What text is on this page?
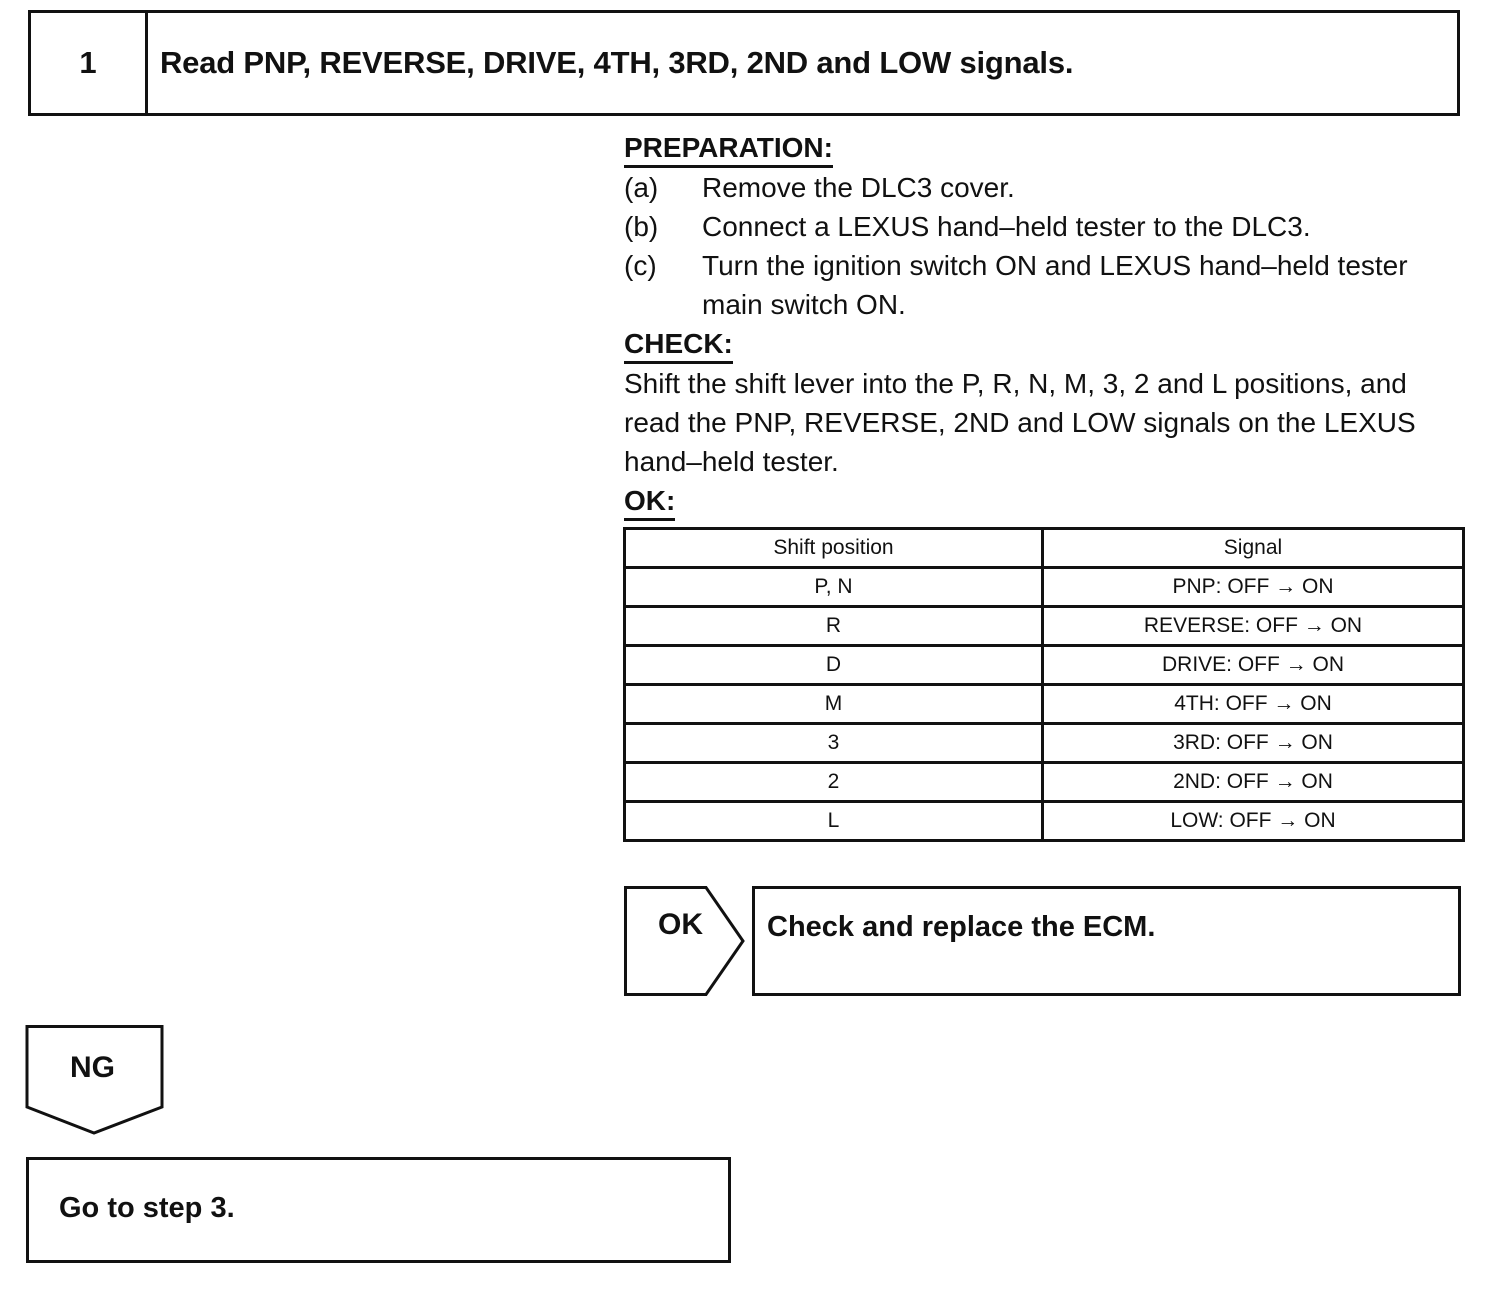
1	Read PNP, REVERSE, DRIVE, 4TH, 3RD, 2ND and LOW signals.
PREPARATION:
(a)	Remove the DLC3 cover.
(b)	Connect a LEXUS hand–held tester to the DLC3.
(c)	Turn the ignition switch ON and LEXUS hand–held tester main switch ON.
CHECK:

Shift the shift lever into the P, R, N, M, 3, 2 and L positions, and read the PNP, REVERSE, 2ND and LOW signals on the LEXUS hand–held tester.

OK:
Shift position	Signal
P, N	PNP: OFF → ON
R	REVERSE: OFF → ON
D	DRIVE: OFF → ON
M	4TH: OFF → ON
3	3RD: OFF → ON
2	2ND: OFF → ON
L	LOW: OFF → ON
OK	Check and replace the ECM.
NG
Go to step 3.
